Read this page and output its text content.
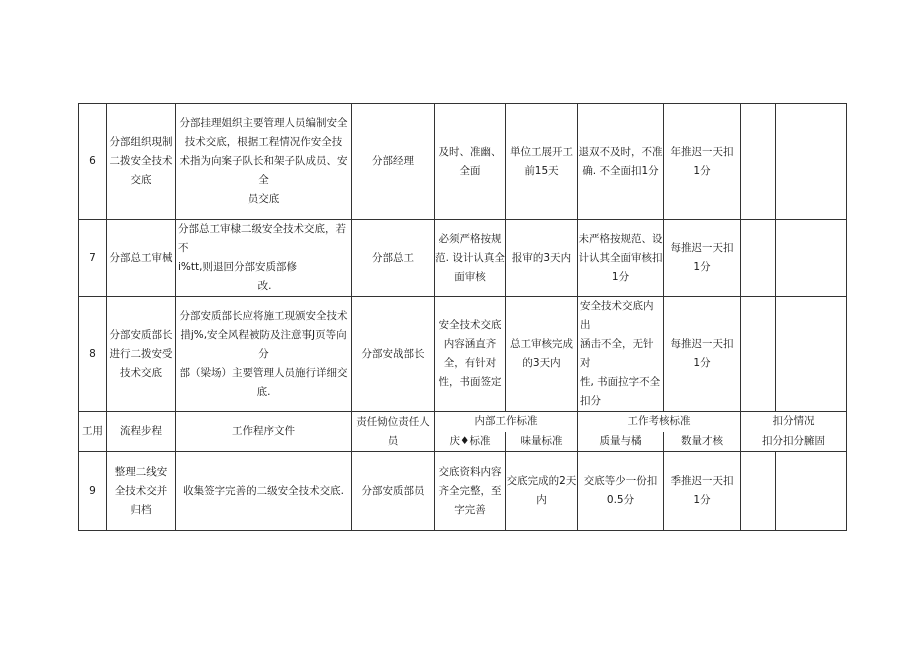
6	分部组织現制
二拨安全技术
交底	分部挂理姐织主要管理人员编制安全
技术交底，根据工程情况作安全技
术指为向案子队长和架子队成员、安
全
员交底	分部经理	及时、准幽、
全面	単位工展开工
前15天	退双不及时，不准
确. 不全面扣1分	年推迟一天扣
1分		

7	分部总工审械	分部总工审棣二级安全技术交底，若不
i%tt,则退回分部安质部修
改.	分部总工	必须严格按规
范. 设计认真全
面审核	报审的3天内	未严格按规范、设
计认其全面审核扣
1分	每推迟一天扣
1分		

8	分部安质部长
进行二拨安受
技术交底	分部安质部长应将施工现颁安全技术
措j%,安全风程被防及注意事J页等向分
部（梁场）主要管理人员施行详细交
底.	分部安战部长	安全技术交底
内容涵直齐
全，有针对
性，书面签定	总工审核完成
的3天内	安全技术交底内出
涵击不全，无针对
性, 书面拉字不全
扣分	每推迟一天扣
1分		

工用	流程步程	工作程序文件	责任恸位责任人
员	内部工作标准		工作考核标准		扣分情况	
				庆♦标准	味量标准	质量与橘	数量才核	扣分扣分臃固	
9	整理二线安
全技术交并
归档	收集签字完善的二级安全技术交底.	分部安质部员	交底资料内容
齐全完整，至
字完善	交底完成的2天
内	交底等少一份扣
0.5分	季推迟一天扣
1分		
